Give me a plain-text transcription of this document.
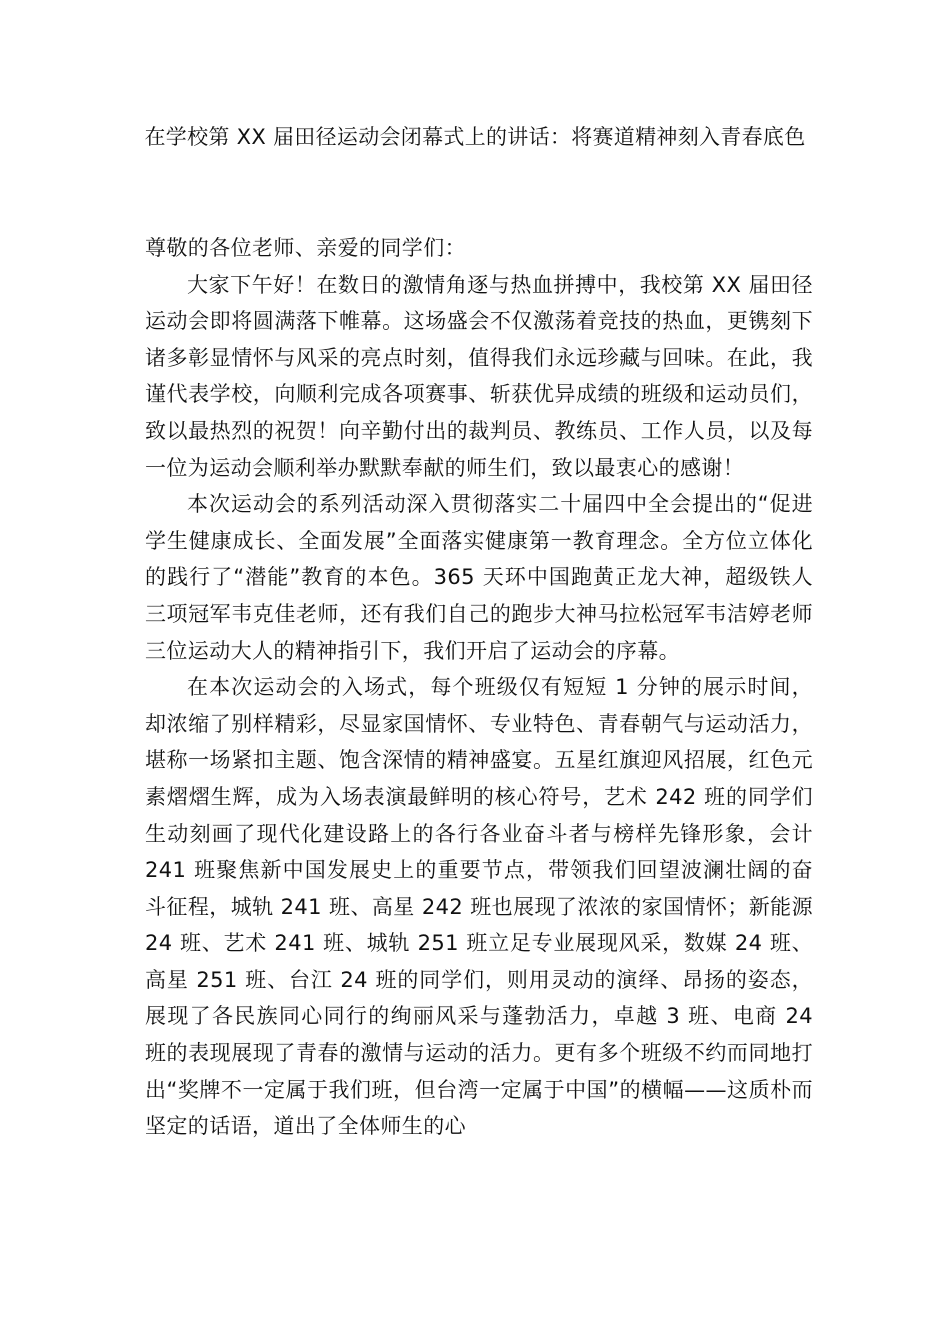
在学校第 XX 届田径运动会闭幕式上的讲话：将赛道精神刻入青春底色

尊敬的各位老师、亲爱的同学们：

大家下午好！在数日的激情角逐与热血拼搏中，我校第 XX 届田径运动会即将圆满落下帷幕。这场盛会不仅激荡着竞技的热血，更镌刻下诸多彰显情怀与风采的亮点时刻，值得我们永远珍藏与回味。在此，我谨代表学校，向顺利完成各项赛事、斩获优异成绩的班级和运动员们，致以最热烈的祝贺！向辛勤付出的裁判员、教练员、工作人员，以及每一位为运动会顺利举办默默奉献的师生们，致以最衷心的感谢！

本次运动会的系列活动深入贯彻落实二十届四中全会提出的“促进学生健康成长、全面发展”全面落实健康第一教育理念。全方位立体化的践行了“潜能”教育的本色。365 天环中国跑黄正龙大神，超级铁人三项冠军韦克佳老师，还有我们自己的跑步大神马拉松冠军韦洁婷老师三位运动大人的精神指引下，我们开启了运动会的序幕。

在本次运动会的入场式，每个班级仅有短短 1 分钟的展示时间，却浓缩了别样精彩，尽显家国情怀、专业特色、青春朝气与运动活力，堪称一场紧扣主题、饱含深情的精神盛宴。五星红旗迎风招展，红色元素熠熠生辉，成为入场表演最鲜明的核心符号，艺术 242 班的同学们生动刻画了现代化建设路上的各行各业奋斗者与榜样先锋形象，会计 241 班聚焦新中国发展史上的重要节点，带领我们回望波澜壮阔的奋斗征程，城轨 241 班、高星 242 班也展现了浓浓的家国情怀；新能源 24 班、艺术 241 班、城轨 251 班立足专业展现风采，数媒 24 班、高星 251 班、台江 24 班的同学们，则用灵动的演绎、昂扬的姿态，展现了各民族同心同行的绚丽风采与蓬勃活力，卓越 3 班、电商 24 班的表现展现了青春的激情与运动的活力。更有多个班级不约而同地打出“奖牌不一定属于我们班，但台湾一定属于中国”的横幅——这质朴而坚定的话语，道出了全体师生的心
